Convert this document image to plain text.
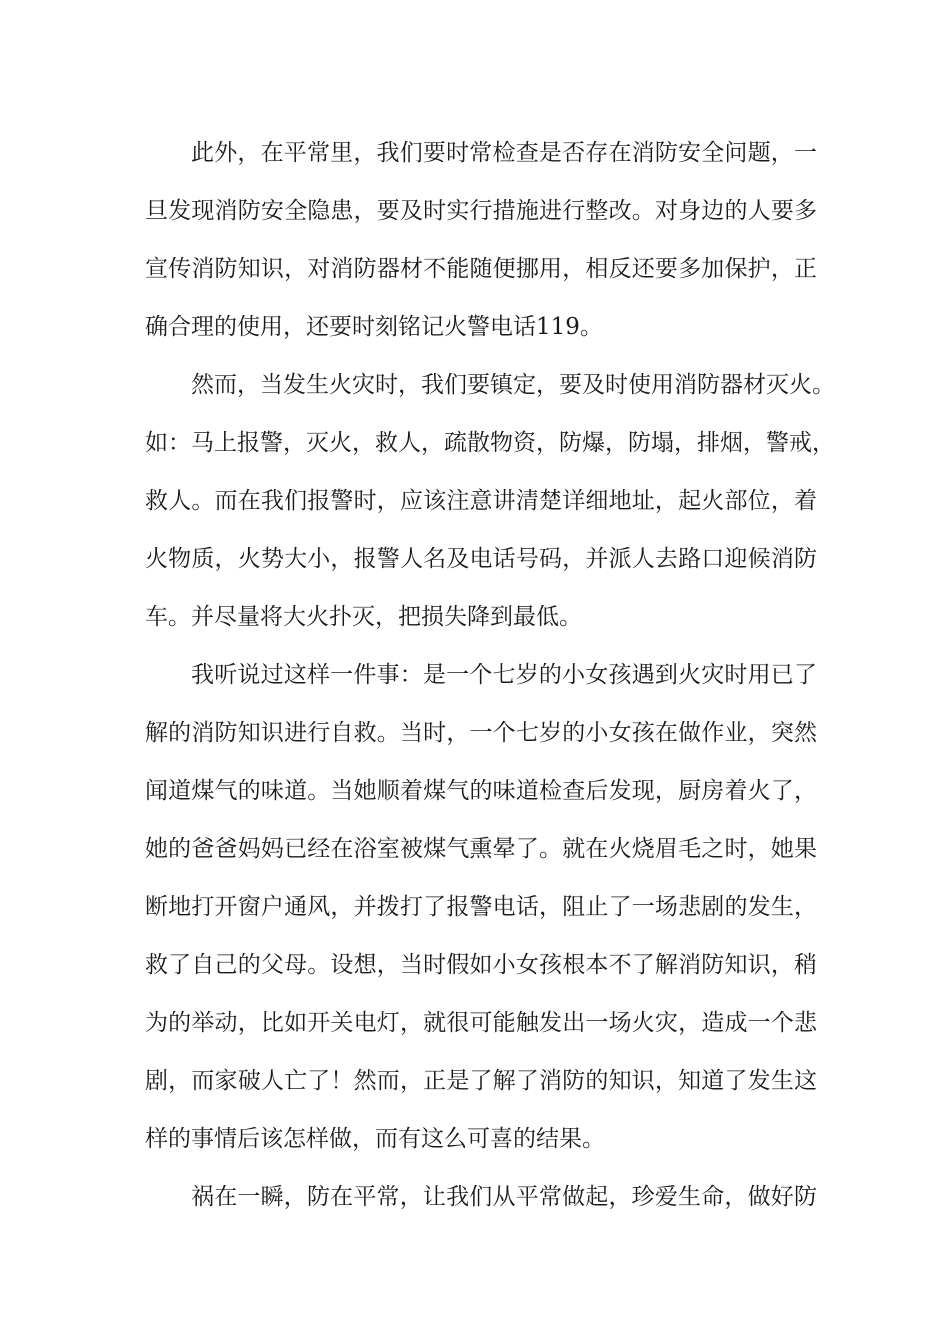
此外，在平常里，我们要时常检查是否存在消防安全问题，一
旦发现消防安全隐患，要及时实行措施进行整改。对身边的人要多
宣传消防知识，对消防器材不能随便挪用，相反还要多加保护，正
确合理的使用，还要时刻铭记火警电话119。
然而，当发生火灾时，我们要镇定，要及时使用消防器材灭火。
如：马上报警，灭火，救人，疏散物资，防爆，防塌，排烟，警戒，
救人。而在我们报警时，应该注意讲清楚详细地址，起火部位，着
火物质，火势大小，报警人名及电话号码，并派人去路口迎候消防
车。并尽量将大火扑灭，把损失降到最低。
我听说过这样一件事：是一个七岁的小女孩遇到火灾时用已了
解的消防知识进行自救。当时，一个七岁的小女孩在做作业，突然
闻道煤气的味道。当她顺着煤气的味道检查后发现，厨房着火了，
她的爸爸妈妈已经在浴室被煤气熏晕了。就在火烧眉毛之时，她果
断地打开窗户通风，并拨打了报警电话，阻止了一场悲剧的发生，
救了自己的父母。设想，当时假如小女孩根本不了解消防知识，稍
为的举动，比如开关电灯，就很可能触发出一场火灾，造成一个悲
剧，而家破人亡了！然而，正是了解了消防的知识，知道了发生这
样的事情后该怎样做，而有这么可喜的结果。
祸在一瞬，防在平常，让我们从平常做起，珍爱生命，做好防
